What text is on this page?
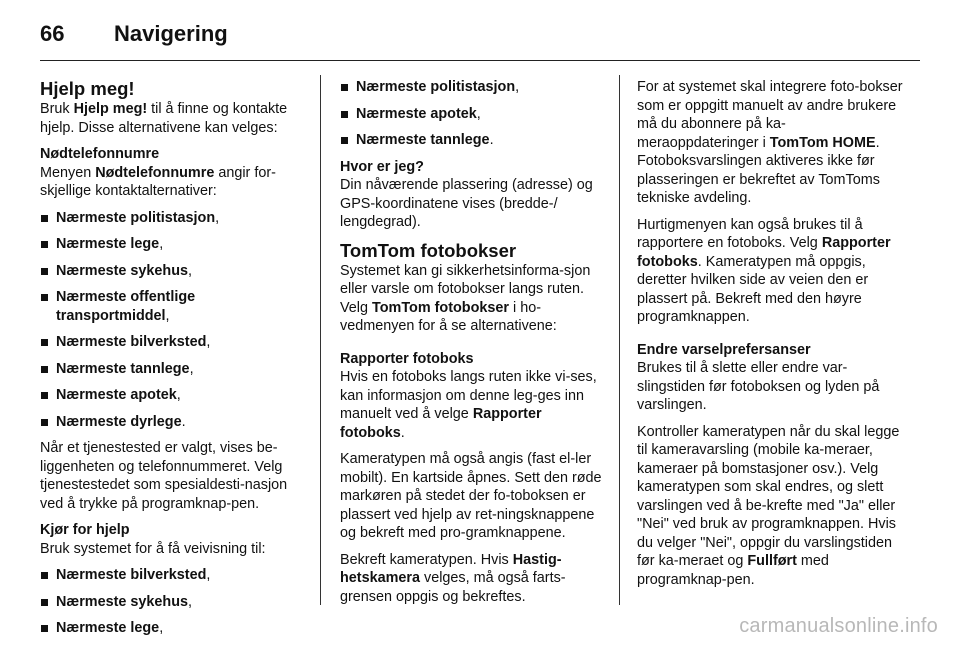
66	Navigering
Hjelp meg!

Bruk Hjelp meg! til å finne og kontakte hjelp. Disse alternativene kan velges:

Nødtelefonnumre

Menyen Nødtelefonnumre angir for-skjellige kontaktalternativer:

Nærmeste politistasjon,
Nærmeste lege,
Nærmeste sykehus,
Nærmeste offentlige transportmiddel,
Nærmeste bilverksted,
Nærmeste tannlege,
Nærmeste apotek,
Nærmeste dyrlege.

Når et tjenestested er valgt, vises be-liggenheten og telefonnummeret. Velg tjenestestedet som spesialdesti-nasjon ved å trykke på programknap-pen.

Kjør for hjelp

Bruk systemet for å få veivisning til:

Nærmeste bilverksted,
Nærmeste sykehus,
Nærmeste lege,
Nærmeste politistasjon,
Nærmeste apotek,
Nærmeste tannlege.

Hvor er jeg?

Din nåværende plassering (adresse) og GPS-koordinatene vises (bredde-/ lengdegrad).

TomTom fotobokser

Systemet kan gi sikkerhetsinforma-sjon eller varsle om fotobokser langs ruten. Velg TomTom fotobokser i ho-vedmenyen for å se alternativene:

Rapporter fotoboks

Hvis en fotoboks langs ruten ikke vi-ses, kan informasjon om denne leg-ges inn manuelt ved å velge Rapporter fotoboks.

Kameratypen må også angis (fast el-ler mobilt). En kartside åpnes. Sett den røde markøren på stedet der fo-toboksen er plassert ved hjelp av ret-ningsknappene og bekreft med pro-gramknappene.

Bekreft kameratypen. Hvis Hastig-hetskamera velges, må også farts-grensen oppgis og bekreftes.

For at systemet skal integrere foto-bokser som er oppgitt manuelt av andre brukere må du abonnere på ka-meraoppdateringer i TomTom HOME. Fotoboksvarslingen aktiveres ikke før plasseringen er bekreftet av TomToms tekniske avdeling.

Hurtigmenyen kan også brukes til å rapportere en fotoboks. Velg Rapporter fotoboks. Kameratypen må oppgis, deretter hvilken side av veien den er plassert på. Bekreft med den høyre programknappen.

Endre varselprefersanser

Brukes til å slette eller endre var-slingstiden før fotoboksen og lyden på varslingen.

Kontroller kameratypen når du skal legge til kameravarsling (mobile ka-meraer, kameraer på bomstasjoner osv.). Velg kameratypen som skal endres, og slett varslingen ved å be-krefte med "Ja" eller "Nei" ved bruk av programknappen. Hvis du velger "Nei", oppgir du varslingstiden før ka-meraet og Fullført med programknap-pen.

carmanualsonline.info
